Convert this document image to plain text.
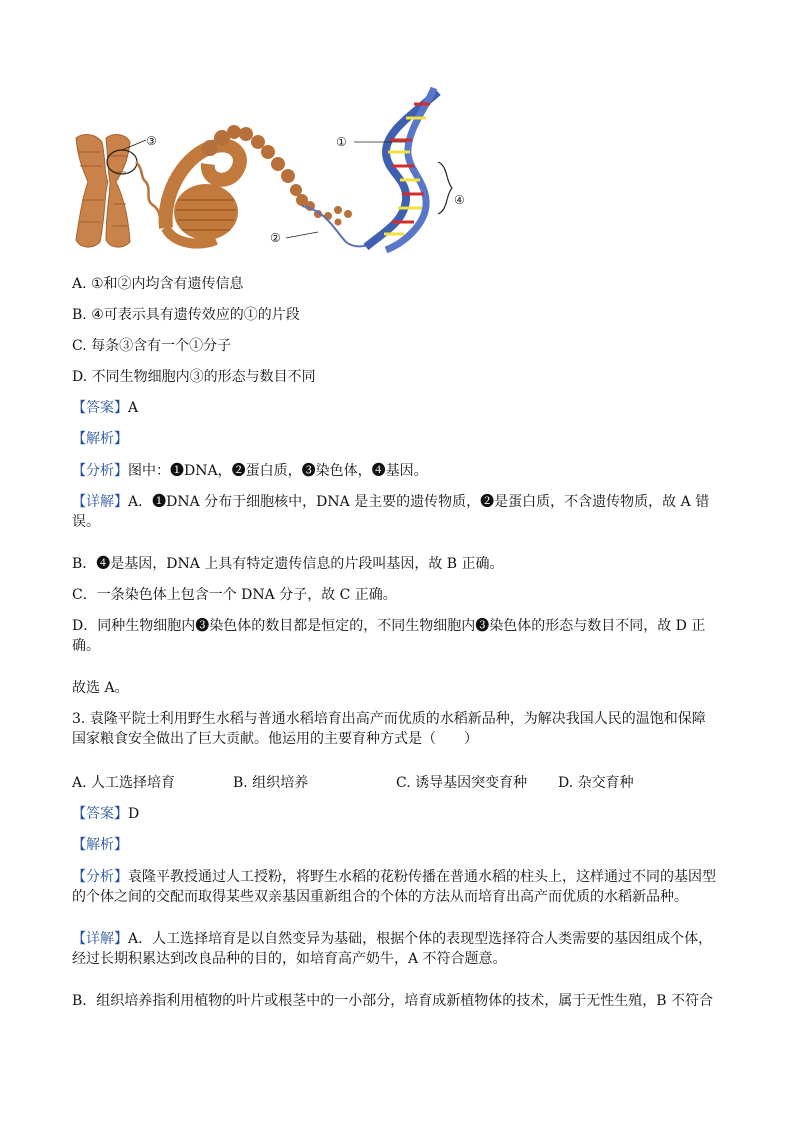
③	①
②
④
A. ①和②内均含有遗传信息
B. ④可表示具有遗传效应的①的片段
C. 每条③含有一个①分子
D. 不同生物细胞内③的形态与数目不同
【答案】A
【解析】
【分析】图中：❶DNA，❷蛋白质，❸染色体，❹基因。
【详解】A．❶DNA 分布于细胞核中，DNA 是主要的遗传物质，❷是蛋白质，不含遗传物质，故 A 错误。
B．❹是基因，DNA 上具有特定遗传信息的片段叫基因，故 B 正确。
C．一条染色体上包含一个 DNA 分子，故 C 正确。
D．同种生物细胞内❸染色体的数目都是恒定的，不同生物细胞内❸染色体的形态与数目不同，故 D 正确。
故选 A。
3. 袁隆平院士利用野生水稻与普通水稻培育出高产而优质的水稻新品种，为解决我国人民的温饱和保障国家粮食安全做出了巨大贡献。他运用的主要育种方式是（　　）
A. 人工选择培育	B. 组织培养	C. 诱导基因突变育种 D. 杂交育种
【答案】D
【解析】
【分析】袁隆平教授通过人工授粉，将野生水稻的花粉传播在普通水稻的柱头上，这样通过不同的基因型的个体之间的交配而取得某些双亲基因重新组合的个体的方法从而培育出高产而优质的水稻新品种。
【详解】A．人工选择培育是以自然变异为基础，根据个体的表现型选择符合人类需要的基因组成个体，经过长期积累达到改良品种的目的，如培育高产奶牛，A 不符合题意。
B．组织培养指利用植物的叶片或根茎中的一小部分，培育成新植物体的技术，属于无性生殖，B 不符合
